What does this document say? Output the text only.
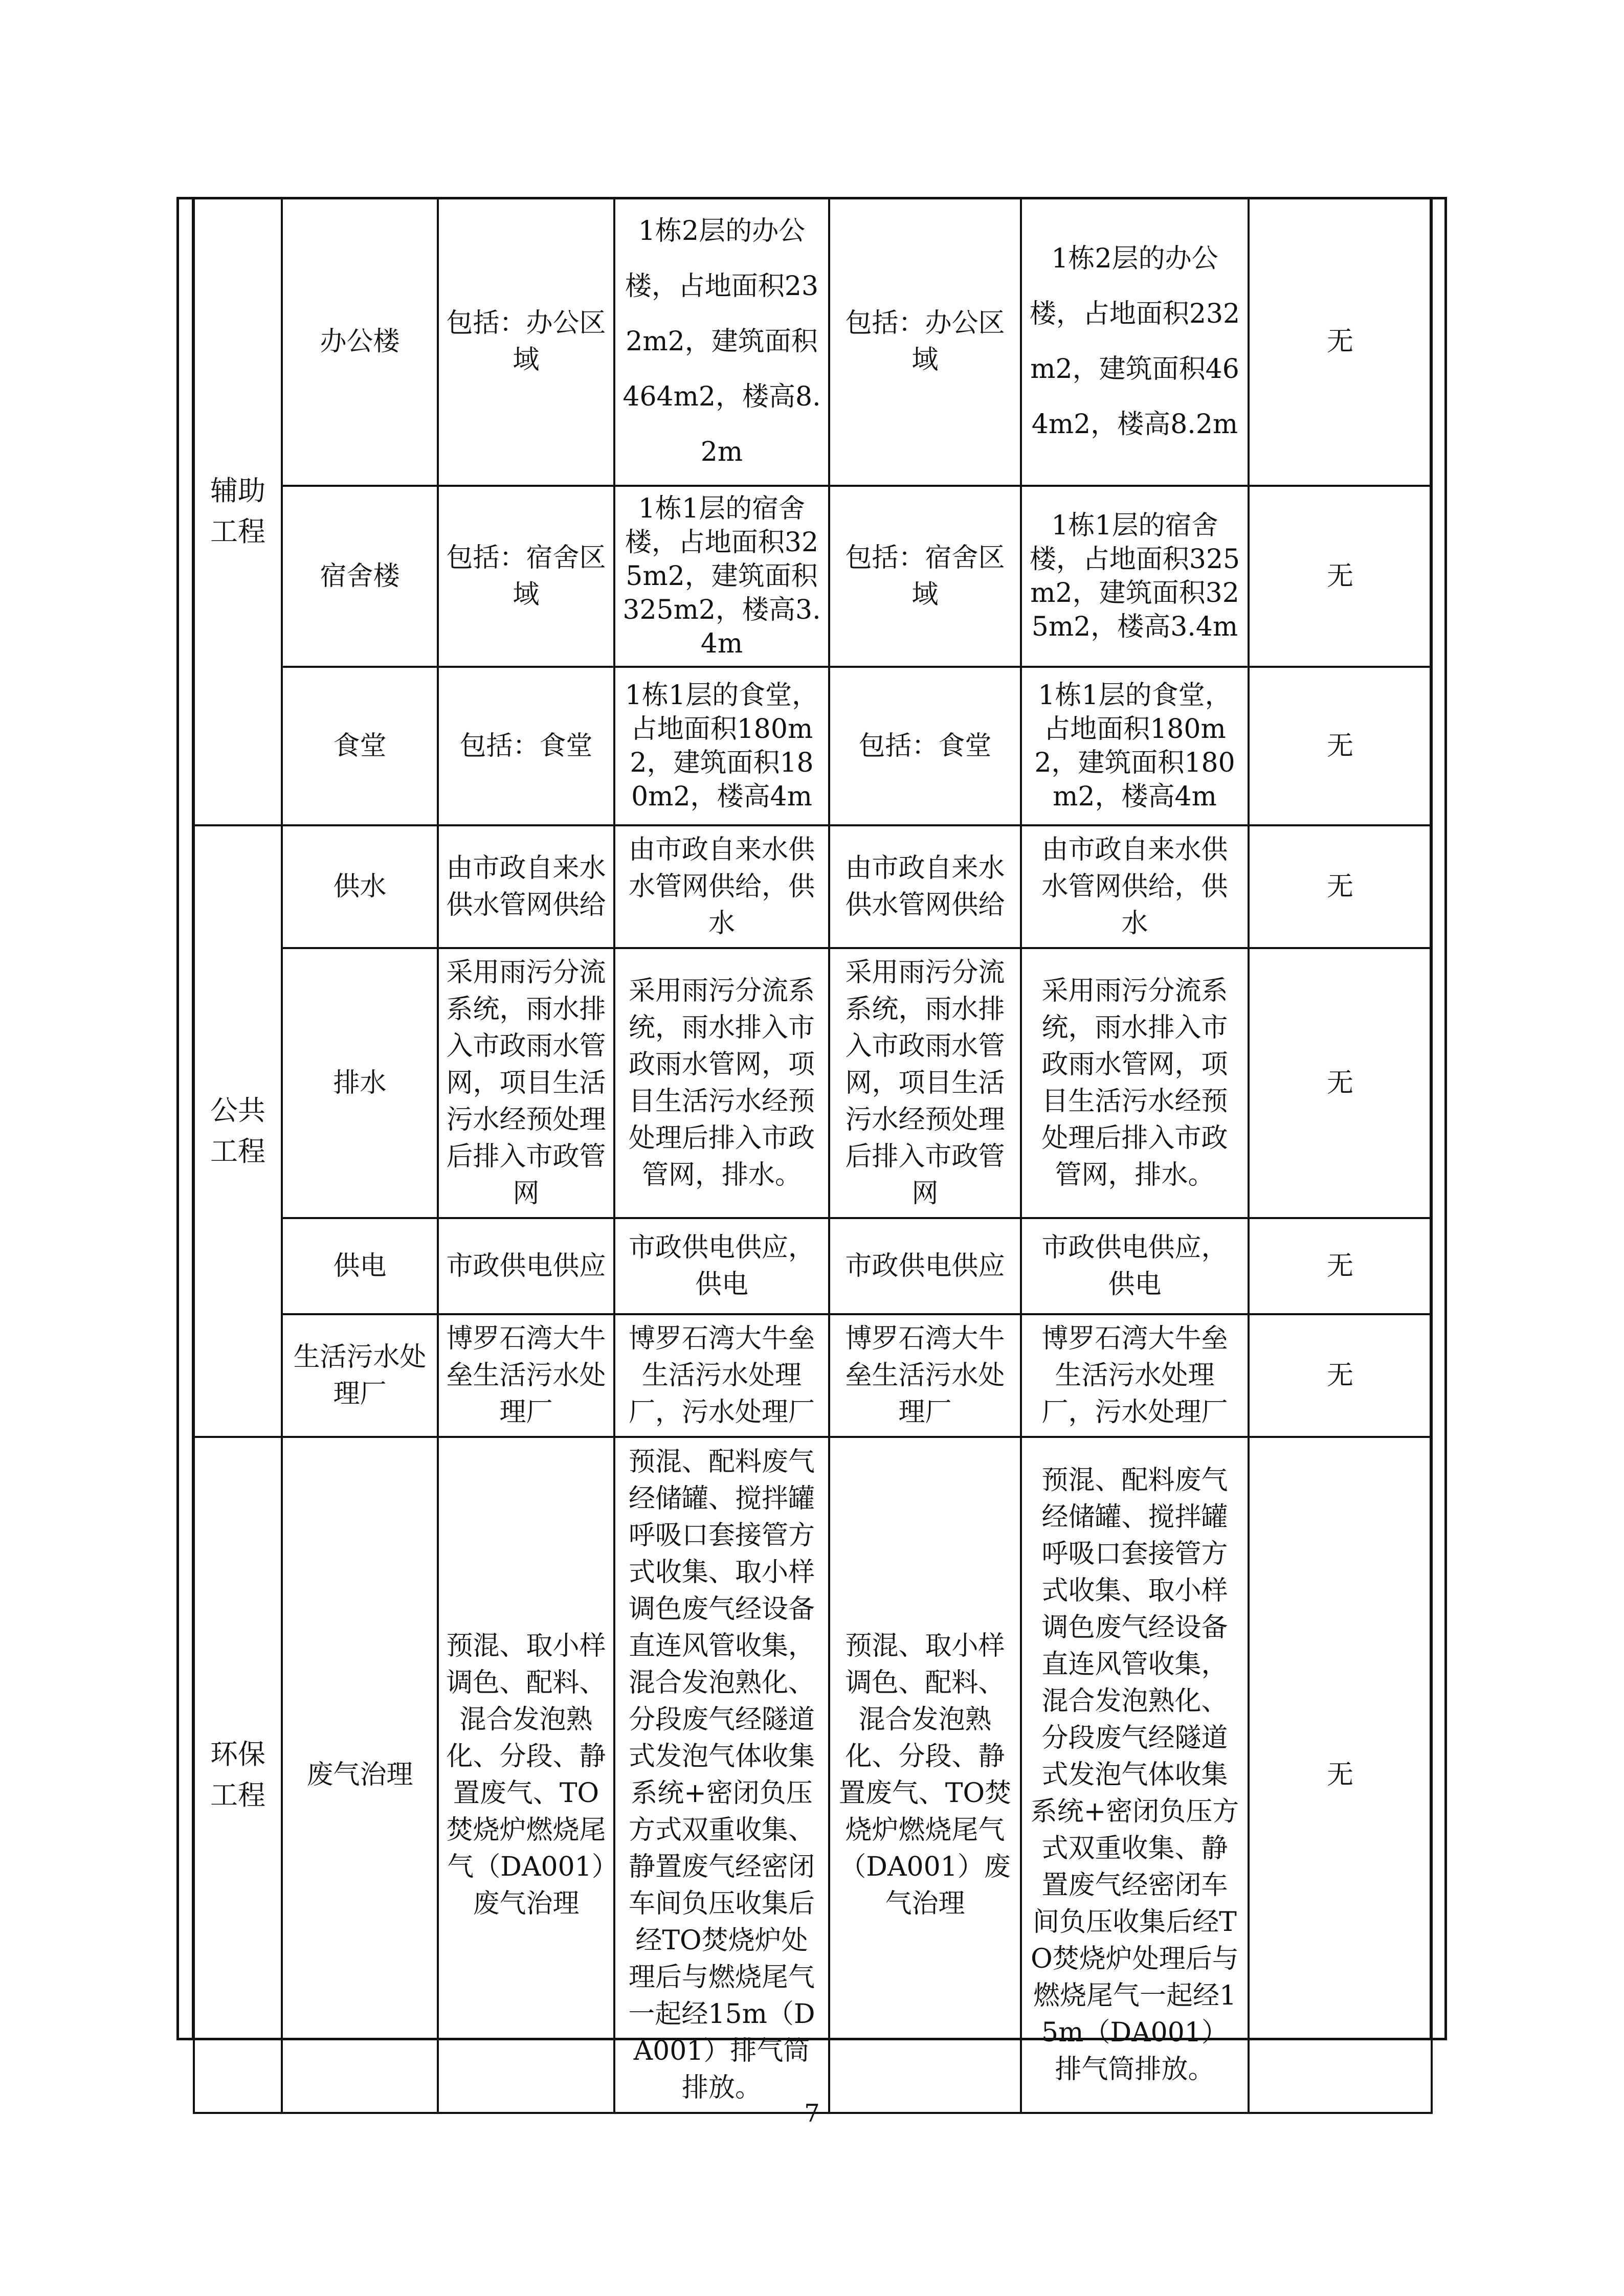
辅助工程	办公楼	包括：办公区域	1栋2层的办公楼，占地面积232m2，建筑面积464m2，楼高8.2m	包括：办公区域	1栋2层的办公楼，占地面积232m2，建筑面积464m2，楼高8.2m	无
	宿舍楼	包括：宿舍区域	1栋1层的宿舍楼，占地面积325m2，建筑面积325m2，楼高3.4m	包括：宿舍区域	1栋1层的宿舍楼，占地面积325m2，建筑面积325m2，楼高3.4m	无
	食堂	包括：食堂	1栋1层的食堂，占地面积180m2，建筑面积180m2，楼高4m	包括：食堂	1栋1层的食堂，占地面积180m2，建筑面积180m2，楼高4m	无
公共工程	供水	由市政自来水供水管网供给	由市政自来水供水管网供给，供水	由市政自来水供水管网供给	由市政自来水供水管网供给，供水	无
	排水	采用雨污分流系统，雨水排入市政雨水管网，项目生活污水经预处理后排入市政管网	采用雨污分流系统，雨水排入市政雨水管网，项目生活污水经预处理后排入市政管网，排水。	采用雨污分流系统，雨水排入市政雨水管网，项目生活污水经预处理后排入市政管网	采用雨污分流系统，雨水排入市政雨水管网，项目生活污水经预处理后排入市政管网，排水。	无
	供电	市政供电供应	市政供电供应，供电	市政供电供应	市政供电供应，供电	无
	生活污水处理厂	博罗石湾大牛垒生活污水处理厂	博罗石湾大牛垒生活污水处理厂，污水处理厂	博罗石湾大牛垒生活污水处理厂	博罗石湾大牛垒生活污水处理厂，污水处理厂	无
环保工程	废气治理	预混、取小样调色、配料、混合发泡熟化、分段、静置废气、TO焚烧炉燃烧尾气（DA001）废气治理	预混、配料废气经储罐、搅拌罐呼吸口套接管方式收集、取小样调色废气经设备直连风管收集，混合发泡熟化、分段废气经隧道式发泡气体收集系统+密闭负压方式双重收集、静置废气经密闭车间负压收集后经TO焚烧炉处理后与燃烧尾气一起经15m（DA001）排气筒排放。	预混、取小样调色、配料、混合发泡熟化、分段、静置废气、TO焚烧炉燃烧尾气（DA001）废气治理	预混、配料废气经储罐、搅拌罐呼吸口套接管方式收集、取小样调色废气经设备直连风管收集，混合发泡熟化、分段废气经隧道式发泡气体收集系统+密闭负压方式双重收集、静置废气经密闭车间负压收集后经TO焚烧炉处理后与燃烧尾气一起经15m（DA001）排气筒排放。	无
7
